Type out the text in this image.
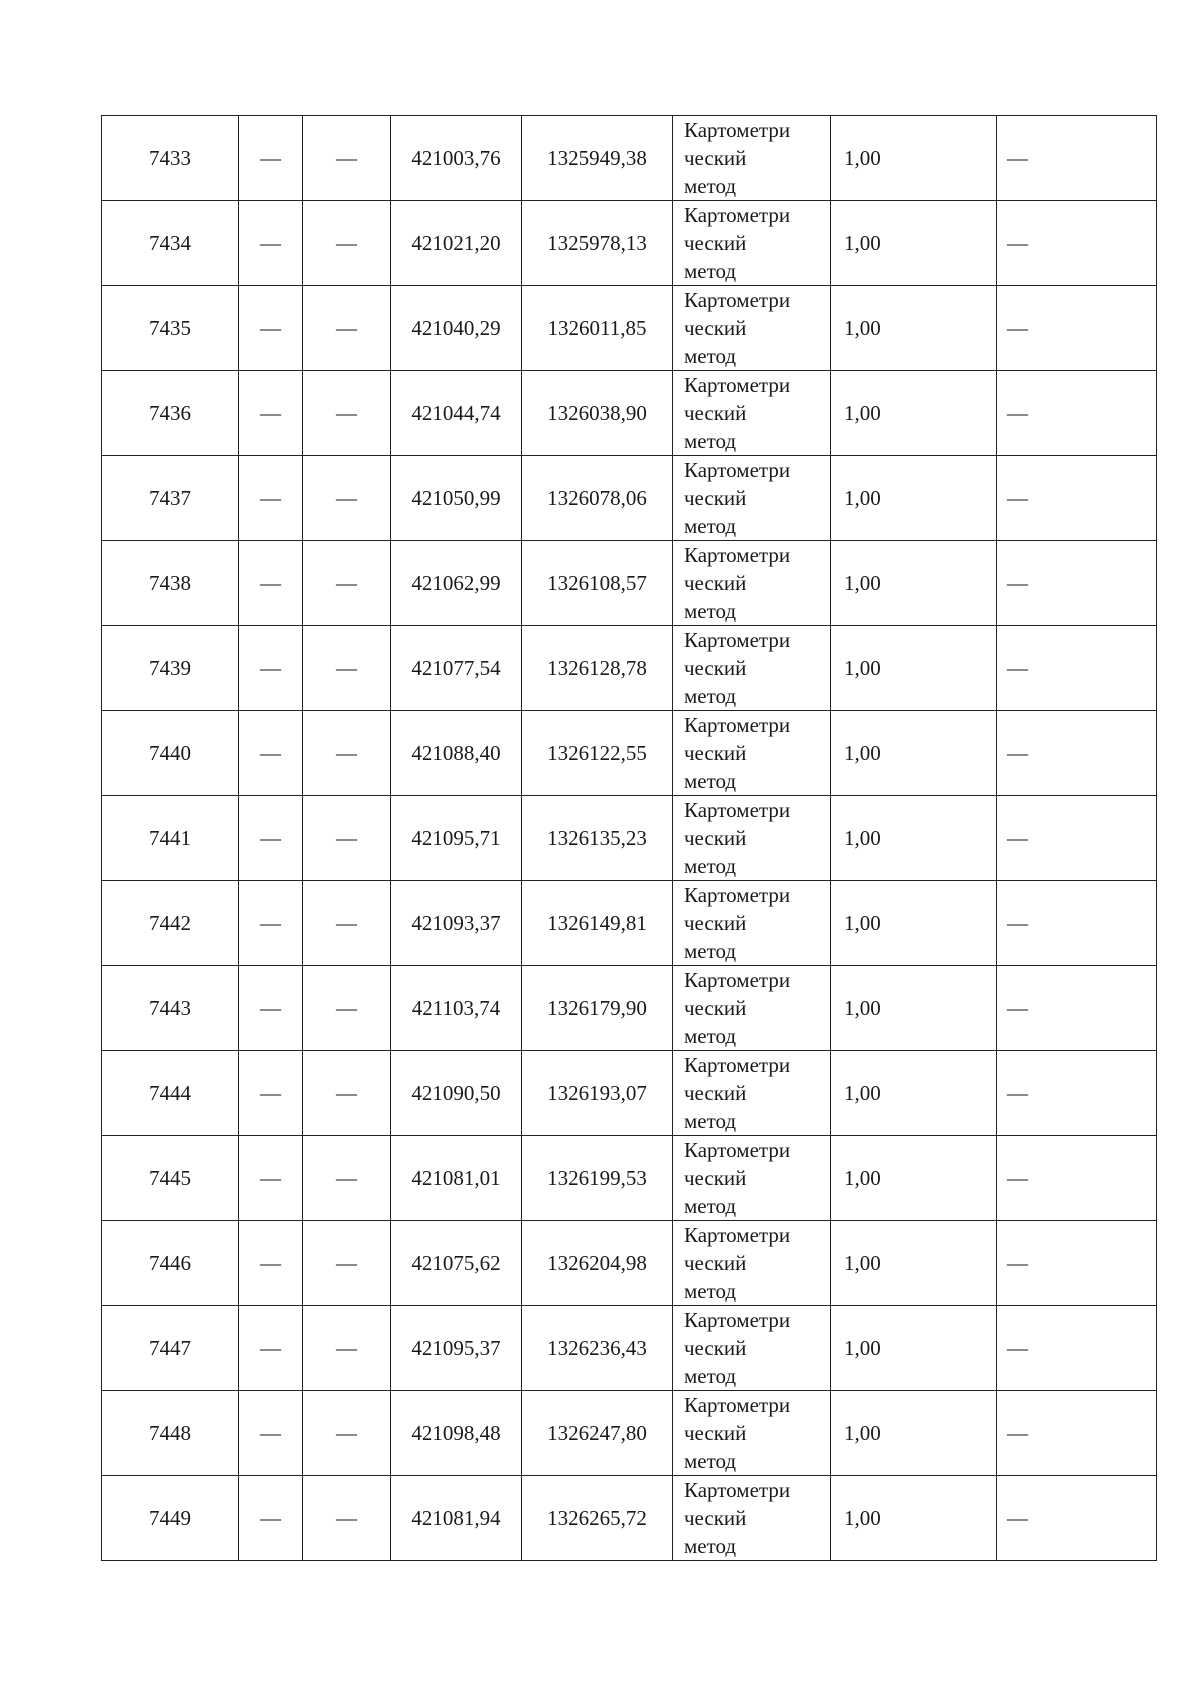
7433	—	—	421003,76	1325949,38	Картометри
ческий
метод	1,00	—
7434	—	—	421021,20	1325978,13	Картометри
ческий
метод	1,00	—
7435	—	—	421040,29	1326011,85	Картометри
ческий
метод	1,00	—
7436	—	—	421044,74	1326038,90	Картометри
ческий
метод	1,00	—
7437	—	—	421050,99	1326078,06	Картометри
ческий
метод	1,00	—
7438	—	—	421062,99	1326108,57	Картометри
ческий
метод	1,00	—
7439	—	—	421077,54	1326128,78	Картометри
ческий
метод	1,00	—
7440	—	—	421088,40	1326122,55	Картометри
ческий
метод	1,00	—
7441	—	—	421095,71	1326135,23	Картометри
ческий
метод	1,00	—
7442	—	—	421093,37	1326149,81	Картометри
ческий
метод	1,00	—
7443	—	—	421103,74	1326179,90	Картометри
ческий
метод	1,00	—
7444	—	—	421090,50	1326193,07	Картометри
ческий
метод	1,00	—
7445	—	—	421081,01	1326199,53	Картометри
ческий
метод	1,00	—
7446	—	—	421075,62	1326204,98	Картометри
ческий
метод	1,00	—
7447	—	—	421095,37	1326236,43	Картометри
ческий
метод	1,00	—
7448	—	—	421098,48	1326247,80	Картометри
ческий
метод	1,00	—
7449	—	—	421081,94	1326265,72	Картометри
ческий
метод	1,00	—
